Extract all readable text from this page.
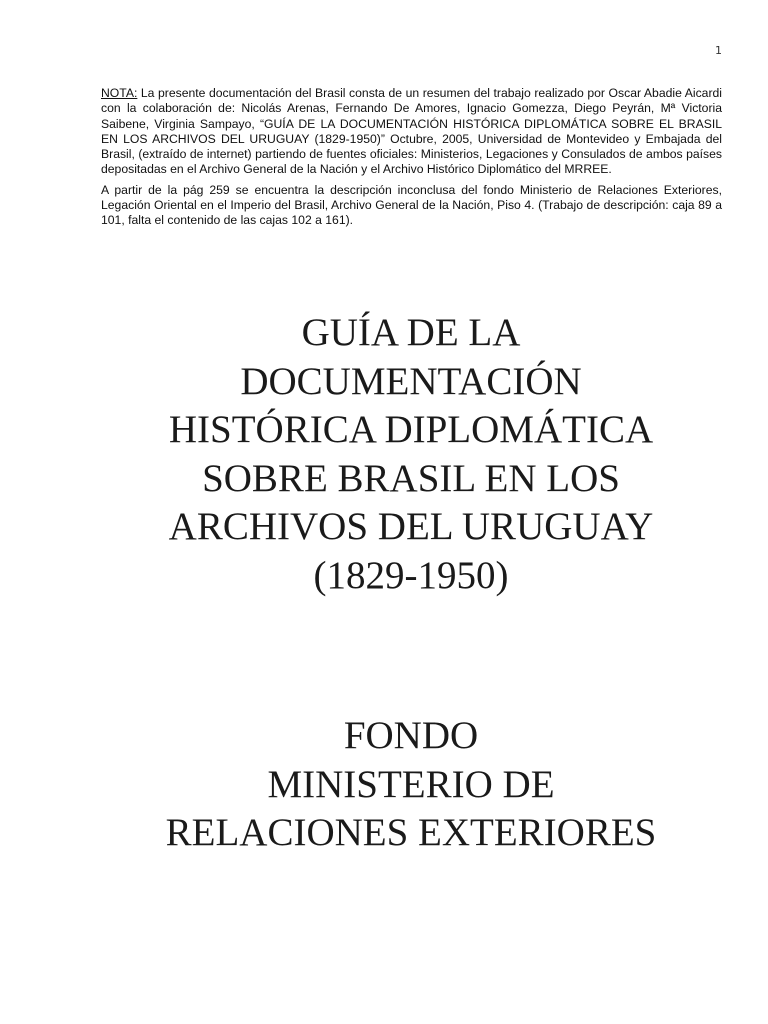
1

NOTA: La presente documentación del Brasil consta de un resumen del trabajo realizado por Oscar Abadie Aicardi con la colaboración de: Nicolás Arenas, Fernando De Amores, Ignacio Gomezza, Diego Peyrán, Mª Victoria Saibene, Virginia Sampayo, “GUÍA DE LA DOCUMENTACIÓN HISTÓRICA DIPLOMÁTICA SOBRE EL BRASIL EN LOS ARCHIVOS DEL URUGUAY (1829-1950)” Octubre, 2005, Universidad de Montevideo y Embajada del Brasil, (extraído de internet) partiendo de fuentes oficiales: Ministerios, Legaciones y Consulados de ambos países depositadas en el Archivo General de la Nación y el Archivo Histórico Diplomático del MRREE.

A partir de la pág 259 se encuentra la descripción inconclusa del fondo Ministerio de Relaciones Exteriores, Legación Oriental en el Imperio del Brasil, Archivo General de la Nación, Piso 4. (Trabajo de descripción: caja 89 a 101, falta el contenido de las cajas 102 a 161).

GUÍA DE LA
DOCUMENTACIÓN
HISTÓRICA DIPLOMÁTICA
SOBRE BRASIL EN LOS
ARCHIVOS DEL URUGUAY
(1829-1950)
FONDO
MINISTERIO DE
RELACIONES EXTERIORES
